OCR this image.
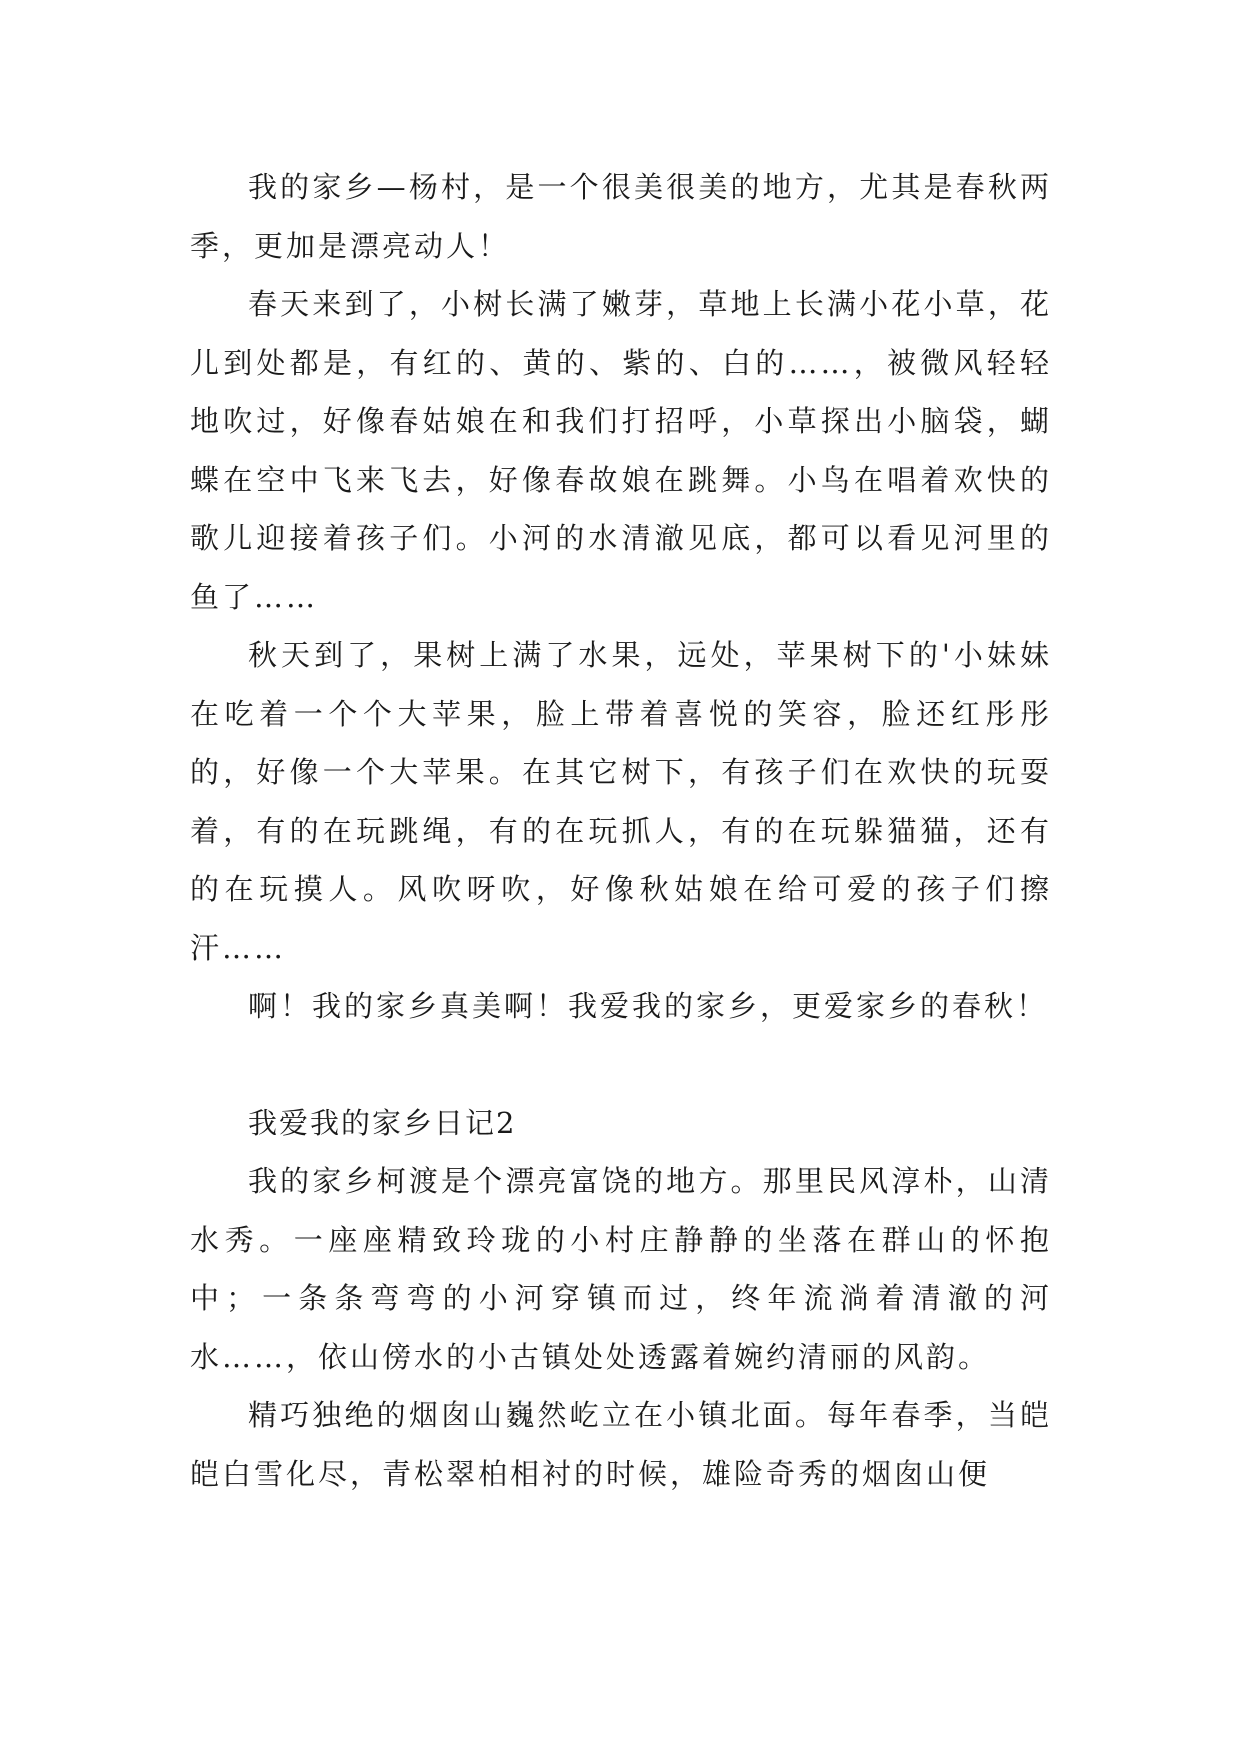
我的家乡—杨村，是一个很美很美的地方，尤其是春秋两季，更加是漂亮动人！

春天来到了，小树长满了嫩芽，草地上长满小花小草，花儿到处都是，有红的、黄的、紫的、白的……，被微风轻轻地吹过，好像春姑娘在和我们打招呼，小草探出小脑袋，蝴蝶在空中飞来飞去，好像春故娘在跳舞。小鸟在唱着欢快的歌儿迎接着孩子们。小河的水清澈见底，都可以看见河里的鱼了……

秋天到了，果树上满了水果，远处，苹果树下的'小妹妹在吃着一个个大苹果，脸上带着喜悦的笑容，脸还红彤彤的，好像一个大苹果。在其它树下，有孩子们在欢快的玩耍着，有的在玩跳绳，有的在玩抓人，有的在玩躲猫猫，还有的在玩摸人。风吹呀吹，好像秋姑娘在给可爱的孩子们擦汗……

啊！我的家乡真美啊！我爱我的家乡，更爱家乡的春秋！

我爱我的家乡日记2

我的家乡柯渡是个漂亮富饶的地方。那里民风淳朴，山清水秀。一座座精致玲珑的小村庄静静的坐落在群山的怀抱中；一条条弯弯的小河穿镇而过，终年流淌着清澈的河水……，依山傍水的小古镇处处透露着婉约清丽的风韵。

精巧独绝的烟囱山巍然屹立在小镇北面。每年春季，当皑皑白雪化尽，青松翠柏相衬的时候，雄险奇秀的烟囱山便
